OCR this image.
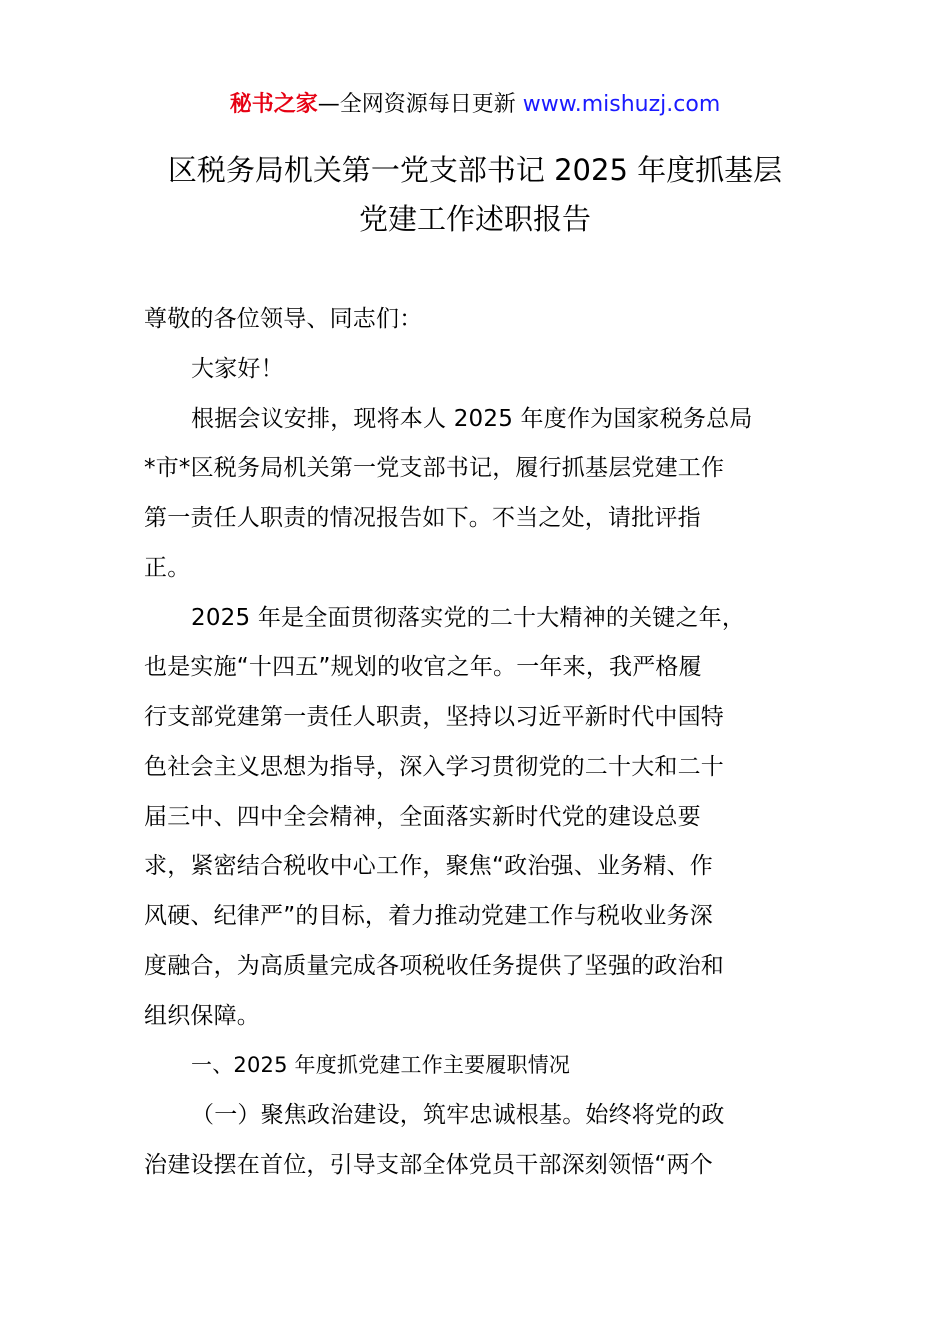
秘书之家—全网资源每日更新 www.mishuzj.com
区税务局机关第一党支部书记 2025 年度抓基层
党建工作述职报告
尊敬的各位领导、同志们：
大家好！
根据会议安排，现将本人 2025 年度作为国家税务总局
*市*区税务局机关第一党支部书记，履行抓基层党建工作
第一责任人职责的情况报告如下。不当之处，请批评指
正。
2025 年是全面贯彻落实党的二十大精神的关键之年，
也是实施“十四五”规划的收官之年。一年来，我严格履
行支部党建第一责任人职责，坚持以习近平新时代中国特
色社会主义思想为指导，深入学习贯彻党的二十大和二十
届三中、四中全会精神，全面落实新时代党的建设总要
求，紧密结合税收中心工作，聚焦“政治强、业务精、作
风硬、纪律严”的目标，着力推动党建工作与税收业务深
度融合，为高质量完成各项税收任务提供了坚强的政治和
组织保障。
一、2025 年度抓党建工作主要履职情况
（一）聚焦政治建设，筑牢忠诚根基。始终将党的政
治建设摆在首位，引导支部全体党员干部深刻领悟“两个
